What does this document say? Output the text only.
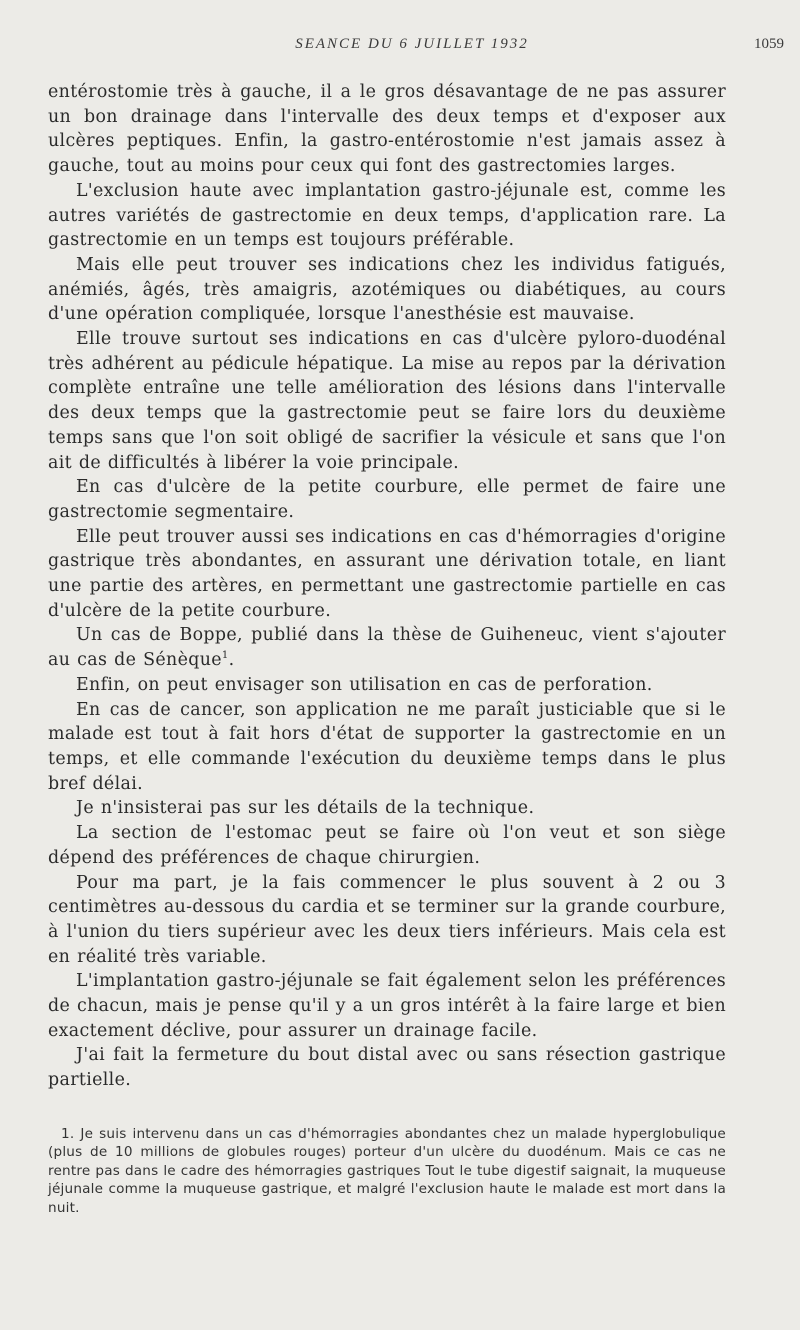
SEANCE DU 6 JUILLET 1932	1059

entérostomie très à gauche, il a le gros désavantage de ne pas assurer un bon drainage dans l'intervalle des deux temps et d'exposer aux ulcères peptiques. Enfin, la gastro-entérostomie n'est jamais assez à gauche, tout au moins pour ceux qui font des gastrectomies larges.

L'exclusion haute avec implantation gastro-jéjunale est, comme les autres variétés de gastrectomie en deux temps, d'application rare. La gastrectomie en un temps est toujours préférable.

Mais elle peut trouver ses indications chez les individus fatigués, anémiés, âgés, très amaigris, azotémiques ou diabétiques, au cours d'une opération compliquée, lorsque l'anesthésie est mauvaise.

Elle trouve surtout ses indications en cas d'ulcère pyloro-duodénal très adhérent au pédicule hépatique. La mise au repos par la dérivation complète entraîne une telle amélioration des lésions dans l'intervalle des deux temps que la gastrectomie peut se faire lors du deuxième temps sans que l'on soit obligé de sacrifier la vésicule et sans que l'on ait de difficultés à libérer la voie principale.

En cas d'ulcère de la petite courbure, elle permet de faire une gastrectomie segmentaire.

Elle peut trouver aussi ses indications en cas d'hémorragies d'origine gastrique très abondantes, en assurant une dérivation totale, en liant une partie des artères, en permettant une gastrectomie partielle en cas d'ulcère de la petite courbure.

Un cas de Boppe, publié dans la thèse de Guiheneuc, vient s'ajouter au cas de Sénèque$^1$.

Enfin, on peut envisager son utilisation en cas de perforation.

En cas de cancer, son application ne me paraît justiciable que si le malade est tout à fait hors d'état de supporter la gastrectomie en un temps, et elle commande l'exécution du deuxième temps dans le plus bref délai.

Je n'insisterai pas sur les détails de la technique.

La section de l'estomac peut se faire où l'on veut et son siège dépend des préférences de chaque chirurgien.

Pour ma part, je la fais commencer le plus souvent à 2 ou 3 centimètres au-dessous du cardia et se terminer sur la grande courbure, à l'union du tiers supérieur avec les deux tiers inférieurs. Mais cela est en réalité très variable.

L'implantation gastro-jéjunale se fait également selon les préférences de chacun, mais je pense qu'il y a un gros intérêt à la faire large et bien exactement déclive, pour assurer un drainage facile.

J'ai fait la fermeture du bout distal avec ou sans résection gastrique partielle.

1. Je suis intervenu dans un cas d'hémorragies abondantes chez un malade hyperglobulique (plus de 10 millions de globules rouges) porteur d'un ulcère du duodénum. Mais ce cas ne rentre pas dans le cadre des hémorragies gastriques Tout le tube digestif saignait, la muqueuse jéjunale comme la muqueuse gastrique, et malgré l'exclusion haute le malade est mort dans la nuit.
